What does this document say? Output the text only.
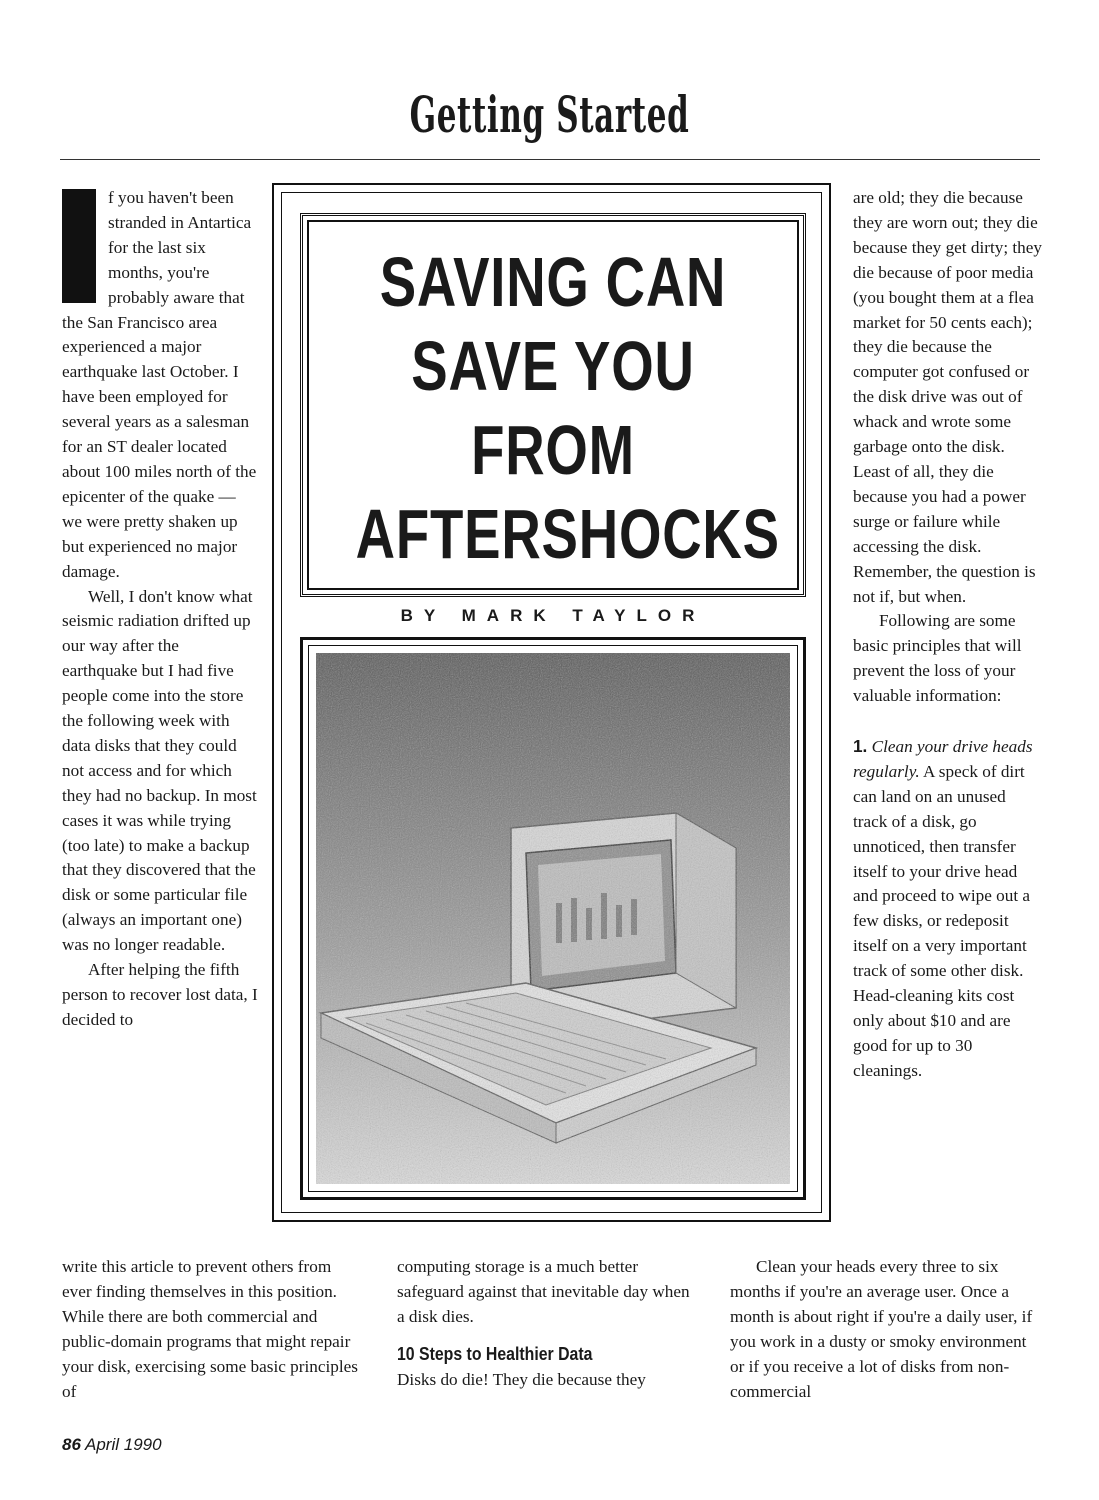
Getting Started

f you haven't been stranded in Antartica for the last six months, you're probably aware that the San Francisco area experienced a major earthquake last October. I have been employed for several years as a salesman for an ST dealer located about 100 miles north of the epicenter of the quake — we were pretty shaken up but experienced no major damage.

Well, I don't know what seismic radiation drifted up our way after the earthquake but I had five people come into the store the following week with data disks that they could not access and for which they had no backup. In most cases it was while trying (too late) to make a backup that they discovered that the disk or some particular file (always an important one) was no longer readable.

After helping the fifth person to recover lost data, I decided to

SAVING CAN
SAVE YOU
FROM
AFTERSHOCKS
BY MARK TAYLOR

write this article to prevent others from ever finding themselves in this position. While there are both commercial and public-domain programs that might repair your disk, exercising some basic principles of

computing storage is a much better safeguard against that inevitable day when a disk dies.

10 Steps to Healthier Data

Disks do die! They die because they

are old; they die because they are worn out; they die because they get dirty; they die because of poor media (you bought them at a flea market for 50 cents each); they die because the computer got confused or the disk drive was out of whack and wrote some garbage onto the disk. Least of all, they die because you had a power surge or failure while accessing the disk. Remember, the question is not if, but when.

Following are some basic principles that will prevent the loss of your valuable information:

1. Clean your drive heads regularly. A speck of dirt can land on an unused track of a disk, go unnoticed, then transfer itself to your drive head and proceed to wipe out a few disks, or redeposit itself on a very important track of some other disk. Head-cleaning kits cost only about $10 and are good for up to 30 cleanings.

Clean your heads every three to six months if you're an average user. Once a month is about right if you're a daily user, if you work in a dusty or smoky environment or if you receive a lot of disks from non-commercial

86 April 1990
